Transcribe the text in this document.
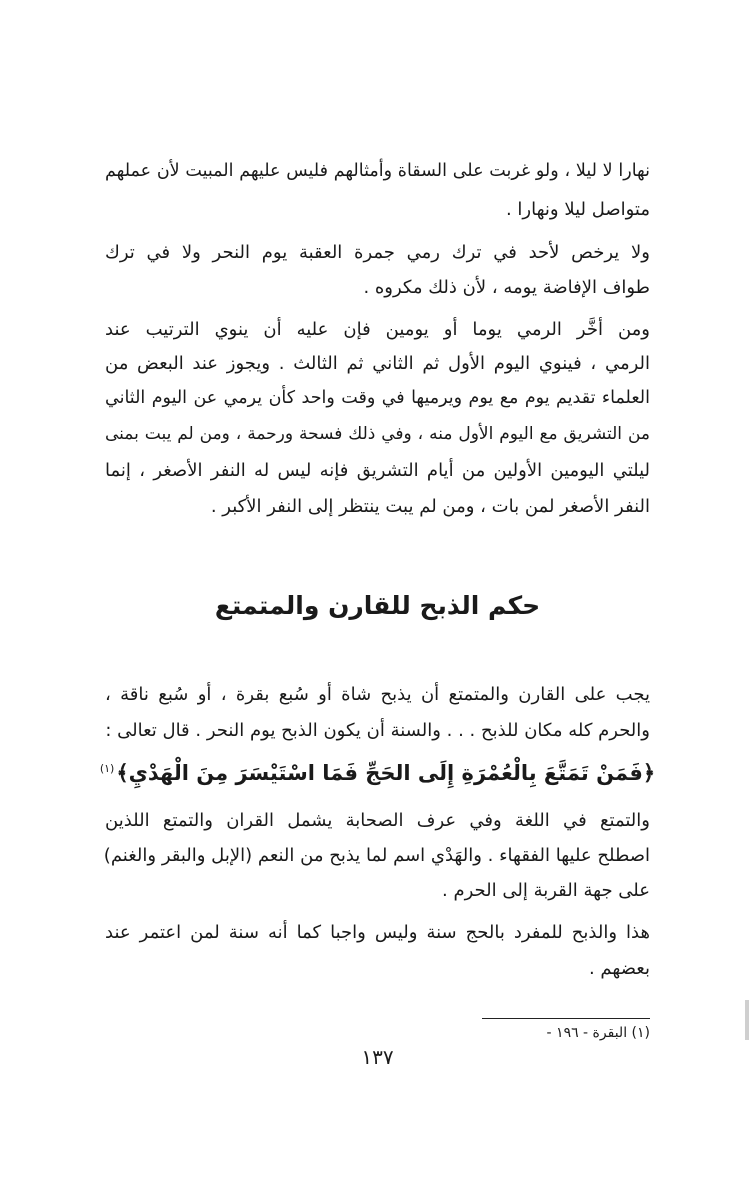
نهارا لا ليلا ، ولو غربت على السقاة وأمثالهم فليس عليهم المبيت لأن عملهم
متواصل ليلا ونهارا .
ولا يرخص لأحد في ترك رمي جمرة العقبة يوم النحر ولا في ترك
طواف الإفاضة يومه ، لأن ذلك مكروه .
ومن أخَّر الرمي يوما أو يومين فإن عليه أن ينوي الترتيب عند
الرمي ، فينوي اليوم الأول ثم الثاني ثم الثالث . ويجوز عند البعض من
العلماء تقديم يوم مع يوم ويرميها في وقت واحد كأن يرمي عن اليوم الثاني
من التشريق مع اليوم الأول منه ، وفي ذلك فسحة ورحمة ، ومن لم يبت بمنى
ليلتي اليومين الأولين من أيام التشريق فإنه ليس له النفر الأصغر ، إنما
النفر الأصغر لمن بات ، ومن لم يبت ينتظر إلى النفر الأكبر .
حكم الذبح للقارن والمتمتع
يجب على القارن والمتمتع أن يذبح شاة أو سُبع بقرة ، أو سُبع ناقة ،
والحرم كله مكان للذبح . . . والسنة أن يكون الذبح يوم النحر . قال تعالى :
﴿فَمَنْ تَمَتَّعَ بِالْعُمْرَةِ إِلَى الحَجِّ فَمَا اسْتَيْسَرَ مِنَ الْهَدْيِ﴾$^{(١)}$
والتمتع في اللغة وفي عرف الصحابة يشمل القران والتمتع اللذين
اصطلح عليها الفقهاء . والهَدْي اسم لما يذبح من النعم (الإبل والبقر والغنم)
على جهة القربة إلى الحرم .
هذا والذبح للمفرد بالحج سنة وليس واجبا كما أنه سنة لمن اعتمر عند
بعضهم .
(١) البقرة - ١٩٦ -
١٣٧
